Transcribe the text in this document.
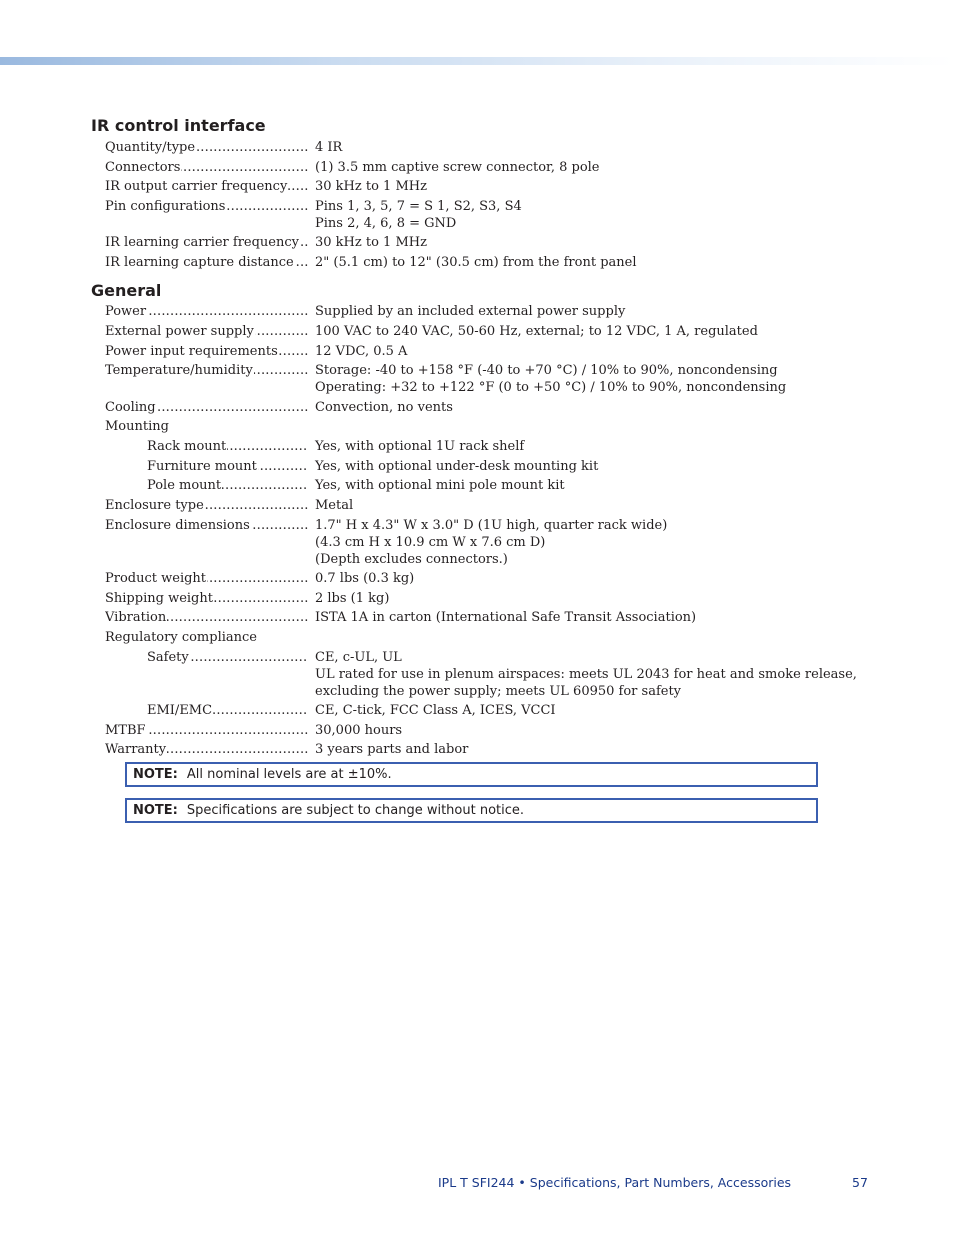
IR control interface
General
Quantity/type .....	4 IR
Connectors .....	(1) 3.5 mm captive screw connector, 8 pole
IR output carrier frequency .....	30 kHz to 1 MHz
Pin configurations .....	Pins 1, 3, 5, 7 = S 1, S2, S3, S4
Pins 2, 4, 6, 8 = GND
IR learning carrier frequency .....	30 kHz to 1 MHz
IR learning capture distance .....	2" (5.1 cm) to 12" (30.5 cm) from the front panel
Power .....	Supplied by an included external power supply
External power supply .....	100 VAC to 240 VAC, 50-60 Hz, external; to 12 VDC, 1 A, regulated
Power input requirements .....	12 VDC, 0.5 A
Temperature/humidity .....	Storage: -40 to +158 °F (-40 to +70 °C) / 10% to 90%, noncondensing
Operating: +32 to +122 °F (0 to +50 °C) / 10% to 90%, noncondensing
Cooling .....	Convection, no vents
Mounting
Rack mount .....	Yes, with optional 1U rack shelf
Furniture mount .....	Yes, with optional under-desk mounting kit
Pole mount .....	Yes, with optional mini pole mount kit
Enclosure type .....	Metal
Enclosure dimensions .....	1.7" H x 4.3" W x 3.0" D (1U high, quarter rack wide)
(4.3 cm H x 10.9 cm W x 7.6 cm D)
(Depth excludes connectors.)
Product weight .....	0.7 lbs (0.3 kg)
Shipping weight .....	2 lbs (1 kg)
Vibration .....	ISTA 1A in carton (International Safe Transit Association)
Regulatory compliance
Safety .....	CE, c-UL, UL
UL rated for use in plenum airspaces: meets UL 2043 for heat and smoke release,
excluding the power supply; meets UL 60950 for safety
EMI/EMC .....	CE, C-tick, FCC Class A, ICES, VCCI
MTBF .....	30,000 hours
Warranty .....	3 years parts and labor
NOTE: All nominal levels are at ±10%.
NOTE: Specifications are subject to change without notice.
IPL T SFI244 • Specifications, Part Numbers, Accessories	57
